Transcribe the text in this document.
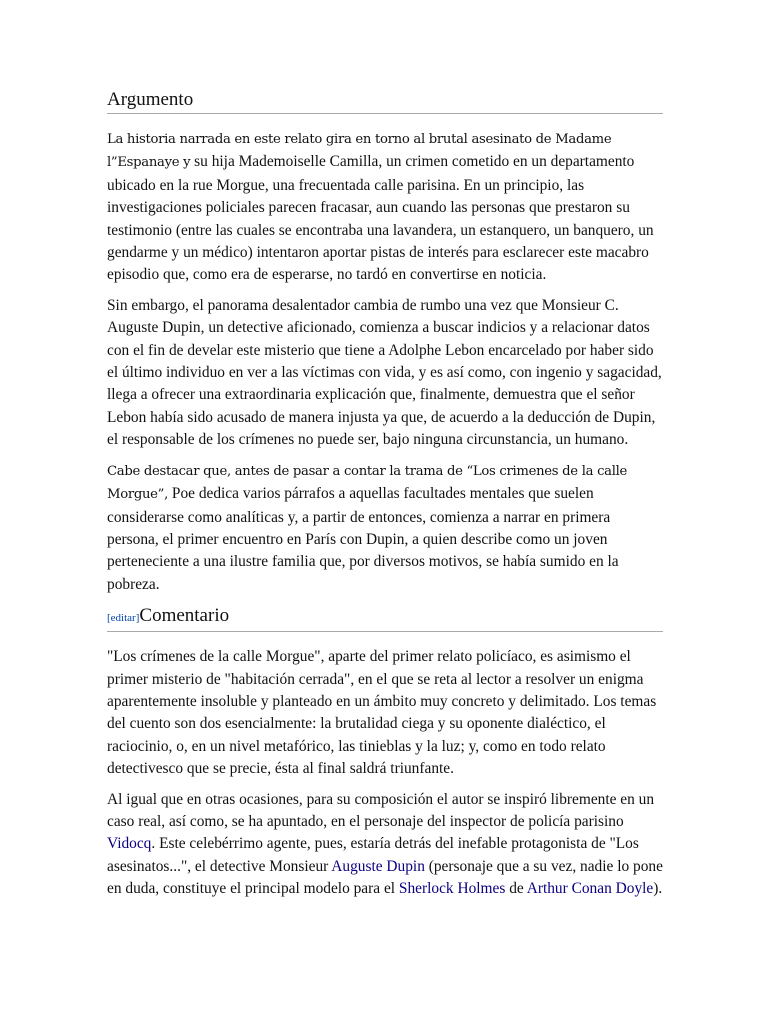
Argumento

La historia narrada en este relato gira en torno al brutal asesinato de Madame l”Espanaye y su hija Mademoiselle Camilla, un crimen cometido en un departamento ubicado en la rue Morgue, una frecuentada calle parisina. En un principio, las investigaciones policiales parecen fracasar, aun cuando las personas que prestaron su testimonio (entre las cuales se encontraba una lavandera, un estanquero, un banquero, un gendarme y un médico) intentaron aportar pistas de interés para esclarecer este macabro episodio que, como era de esperarse, no tardó en convertirse en noticia.

Sin embargo, el panorama desalentador cambia de rumbo una vez que Monsieur C. Auguste Dupin, un detective aficionado, comienza a buscar indicios y a relacionar datos con el fin de develar este misterio que tiene a Adolphe Lebon encarcelado por haber sido el último individuo en ver a las víctimas con vida, y es así como, con ingenio y sagacidad, llega a ofrecer una extraordinaria explicación que, finalmente, demuestra que el señor Lebon había sido acusado de manera injusta ya que, de acuerdo a la deducción de Dupin, el responsable de los crímenes no puede ser, bajo ninguna circunstancia, un humano.

Cabe destacar que, antes de pasar a contar la trama de “Los crimenes de la calle Morgue”, Poe dedica varios párrafos a aquellas facultades mentales que suelen considerarse como analíticas y, a partir de entonces, comienza a narrar en primera persona, el primer encuentro en París con Dupin, a quien describe como un joven perteneciente a una ilustre familia que, por diversos motivos, se había sumido en la pobreza.

[editar]Comentario

"Los crímenes de la calle Morgue", aparte del primer relato policíaco, es asimismo el primer misterio de "habitación cerrada", en el que se reta al lector a resolver un enigma aparentemente insoluble y planteado en un ámbito muy concreto y delimitado. Los temas del cuento son dos esencialmente: la brutalidad ciega y su oponente dialéctico, el raciocinio, o, en un nivel metafórico, las tinieblas y la luz; y, como en todo relato detectivesco que se precie, ésta al final saldrá triunfante.

Al igual que en otras ocasiones, para su composición el autor se inspiró libremente en un caso real, así como, se ha apuntado, en el personaje del inspector de policía parisino Vidocq. Este celebérrimo agente, pues, estaría detrás del inefable protagonista de "Los asesinatos...", el detective Monsieur Auguste Dupin (personaje que a su vez, nadie lo pone en duda, constituye el principal modelo para el Sherlock Holmes de Arthur Conan Doyle).
